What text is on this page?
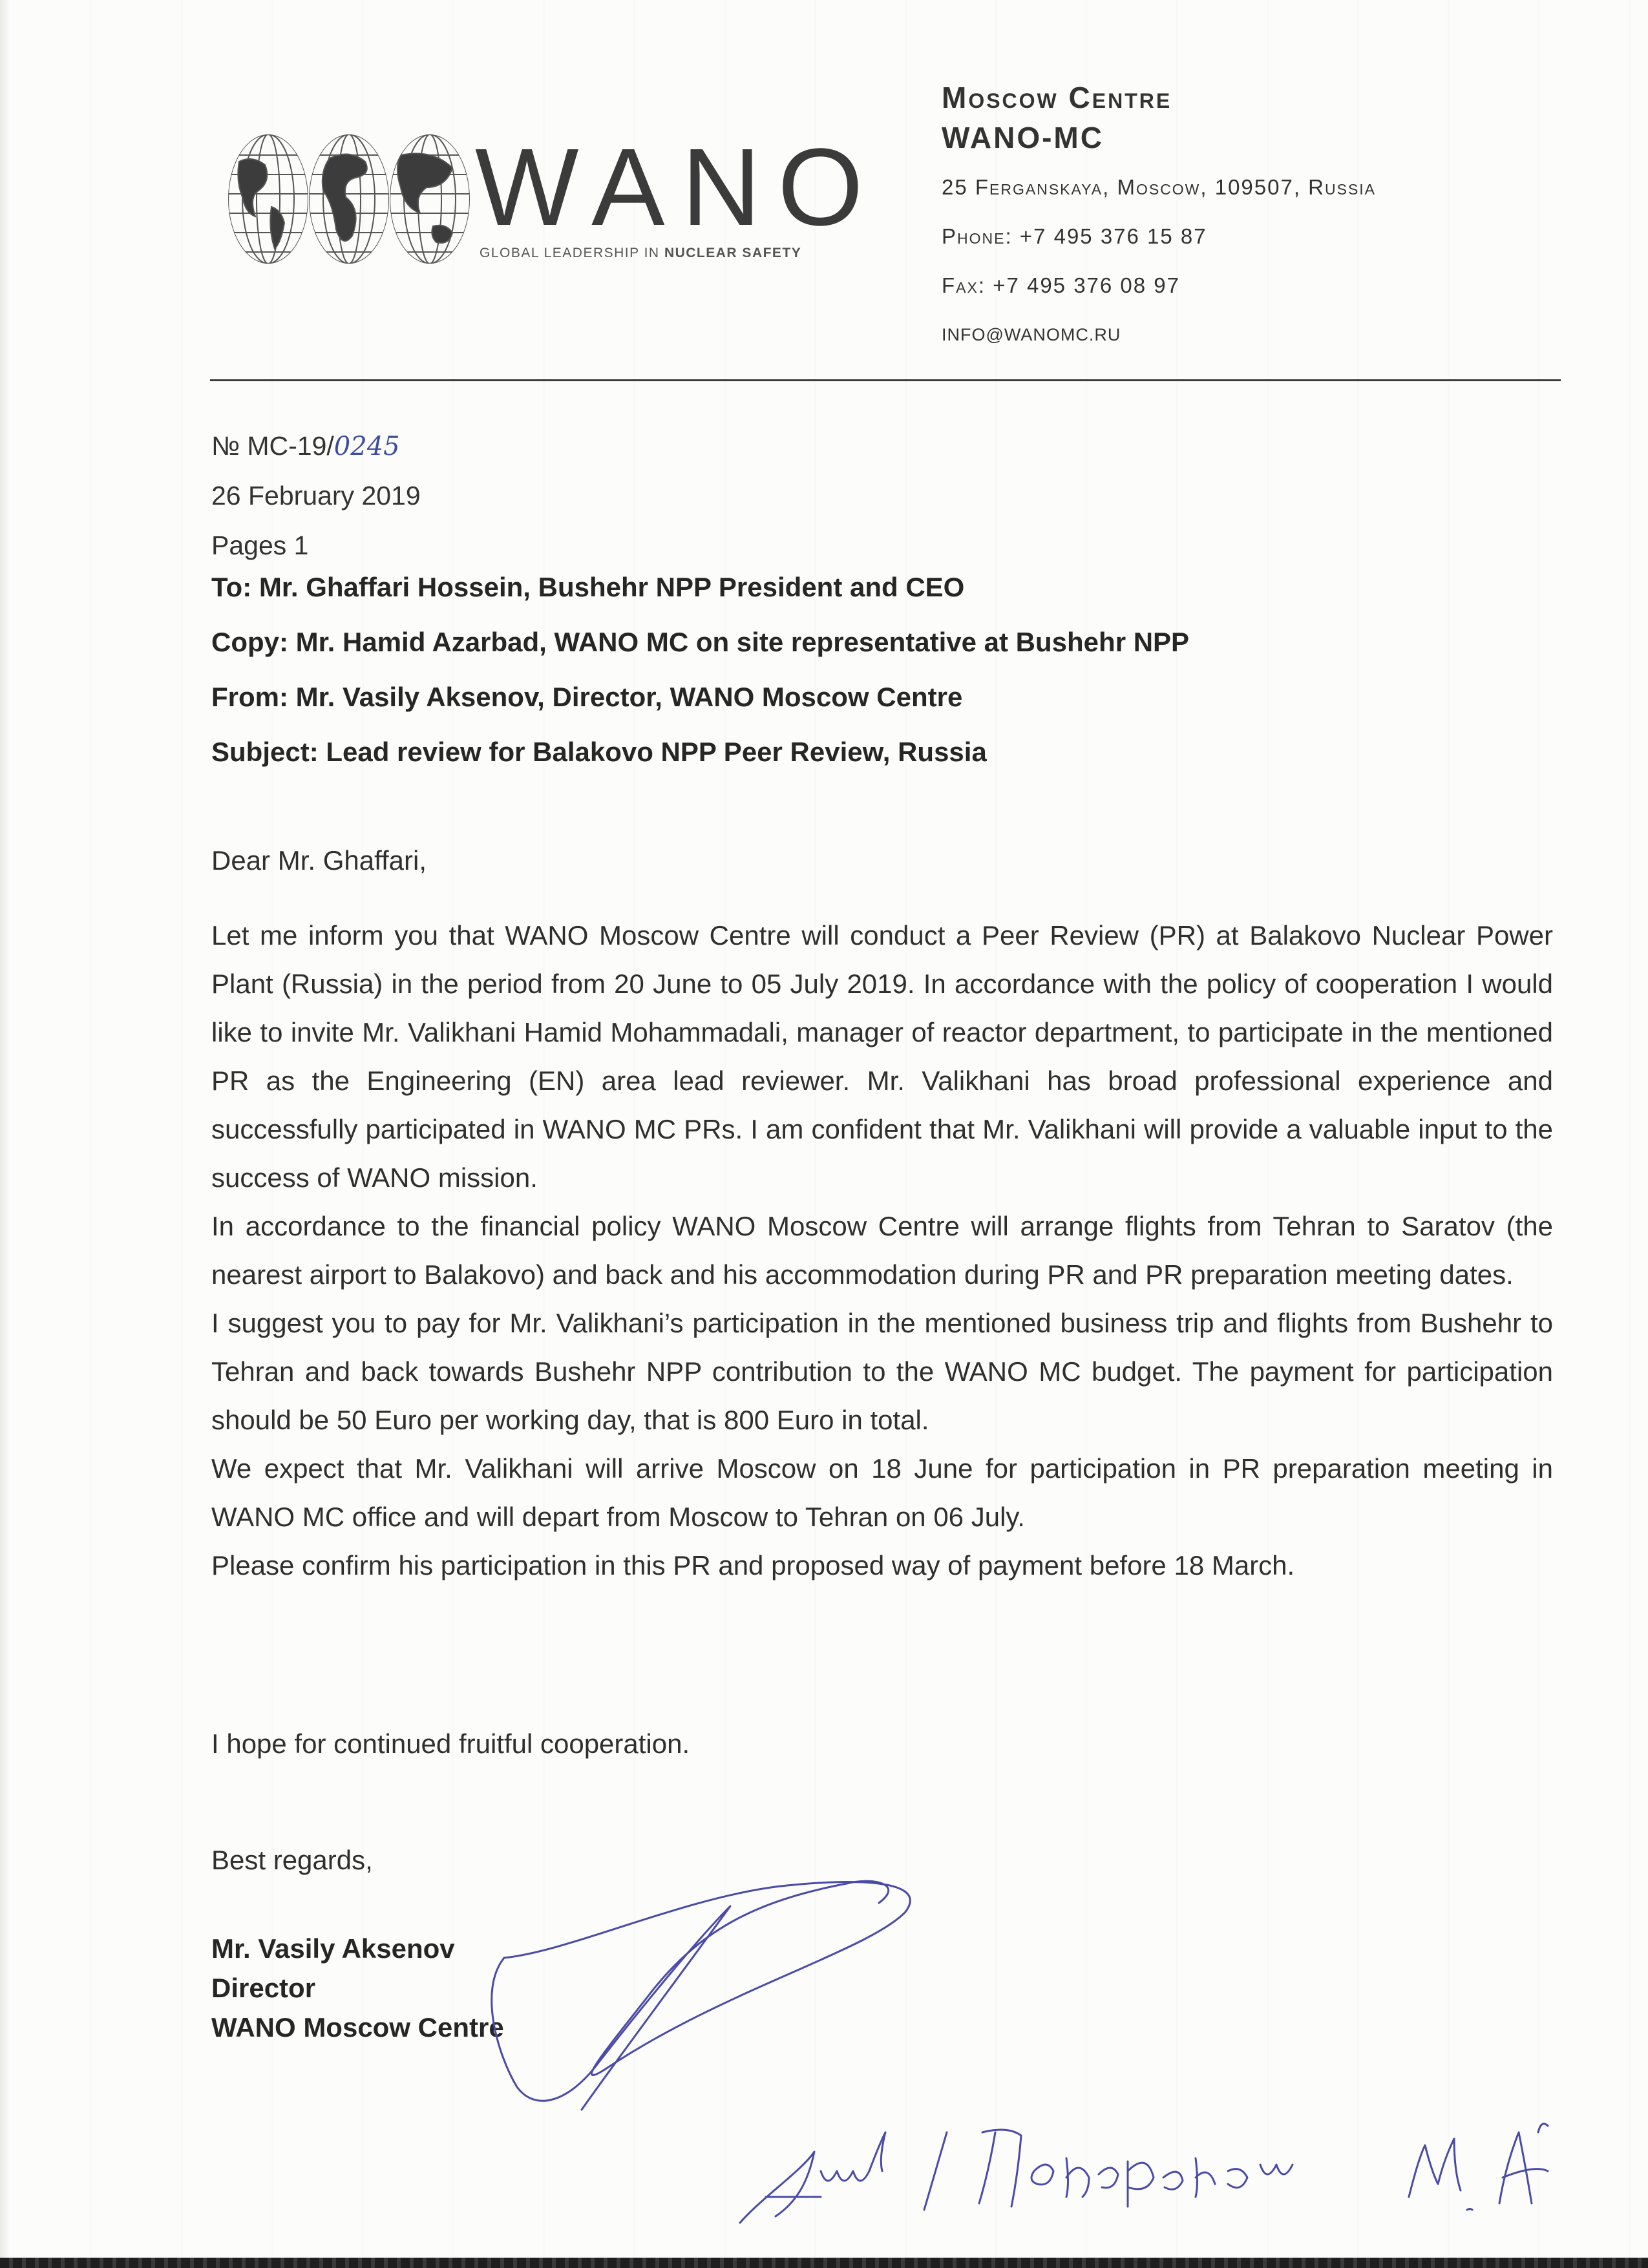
WANO
GLOBAL LEADERSHIP IN NUCLEAR SAFETY
Moscow Centre
WANO-MC
25 Ferganskaya, Moscow, 109507, Russia
Phone: +7 495 376 15 87
Fax: +7 495 376 08 97
INFO@WANOMC.RU
№ MC-19/0245
26 February 2019
Pages 1
To: Mr. Ghaffari Hossein, Bushehr NPP President and CEO
Copy: Mr. Hamid Azarbad, WANO MC on site representative at Bushehr NPP
From: Mr. Vasily Aksenov, Director, WANO Moscow Centre
Subject: Lead review for Balakovo NPP Peer Review, Russia
Dear Mr. Ghaffari,

Let me inform you that WANO Moscow Centre will conduct a Peer Review (PR) at Balakovo Nuclear Power Plant (Russia) in the period from 20 June to 05 July 2019. In accordance with the policy of cooperation I would like to invite Mr. Valikhani Hamid Mohammadali, manager of reactor department, to participate in the mentioned PR as the Engineering (EN) area lead reviewer. Mr. Valikhani has broad professional experience and successfully participated in WANO MC PRs. I am confident that Mr. Valikhani will provide a valuable input to the success of WANO mission.

In accordance to the financial policy WANO Moscow Centre will arrange flights from Tehran to Saratov (the nearest airport to Balakovo) and back and his accommodation during PR and PR preparation meeting dates.

I suggest you to pay for Mr. Valikhani’s participation in the mentioned business trip and flights from Bushehr to Tehran and back towards Bushehr NPP contribution to the WANO MC budget. The payment for participation should be 50 Euro per working day, that is 800 Euro in total.

We expect that Mr. Valikhani will arrive Moscow on 18 June for participation in PR preparation meeting in WANO MC office and will depart from Moscow to Tehran on 06 July.

Please confirm his participation in this PR and proposed way of payment before 18 March.

I hope for continued fruitful cooperation.
Best regards,
Mr. Vasily Aksenov
Director
WANO Moscow Centre
